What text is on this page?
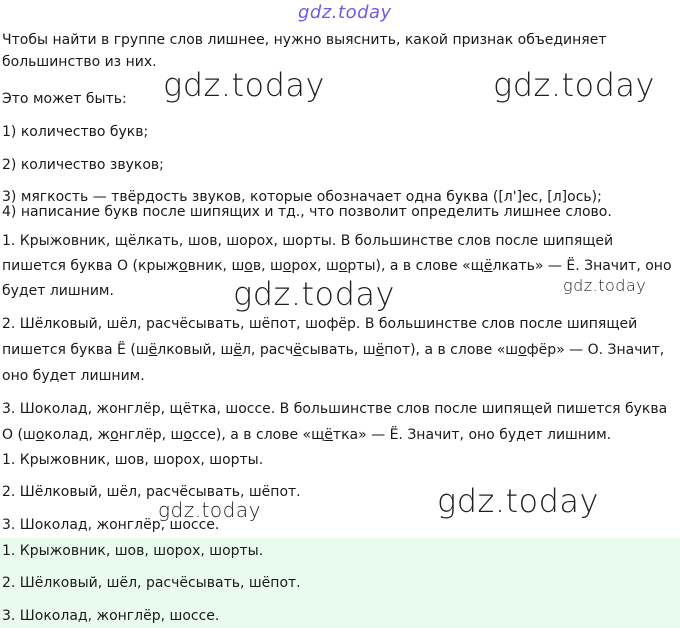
gdz.today
Чтобы найти в группе слов лишнее, нужно выяснить, какой признак объединяет
большинство из них.
Это может быть:
1) количество букв;
2) количество звуков;
3) мягкость — твёрдость звуков, которые обозначает одна буква ([л']ес, [л]ось);
4) написание букв после шипящих и тд., что позволит определить лишнее слово.
1. Крыжовник, щёлкать, шов, шорох, шорты. В большинстве слов после шипящей
пишется буква О (крыжовник, шов, шорох, шорты), а в слове «щёлкать» — Ё. Значит, оно
будет лишним.
2. Шёлковый, шёл, расчёсывать, шёпот, шофёр. В большинстве слов после шипящей
пишется буква Ё (шёлковый, шёл, расчёсывать, шёпот), а в слове «шофёр» — О. Значит,
оно будет лишним.
3. Шоколад, жонглёр, щётка, шоссе. В большинстве слов после шипящей пишется буква
О (шоколад, жонглёр, шоссе), а в слове «щётка» — Ё. Значит, оно будет лишним.
1. Крыжовник, шов, шорох, шорты.
2. Шёлковый, шёл, расчёсывать, шёпот.
3. Шоколад, жонглёр, шоссе.
1. Крыжовник, шов, шорох, шорты.
2. Шёлковый, шёл, расчёсывать, шёпот.
3. Шоколад, жонглёр, шоссе.
gdz.today	gdz.today
gdz.today	gdz.today
gdz.today
gdz.today
